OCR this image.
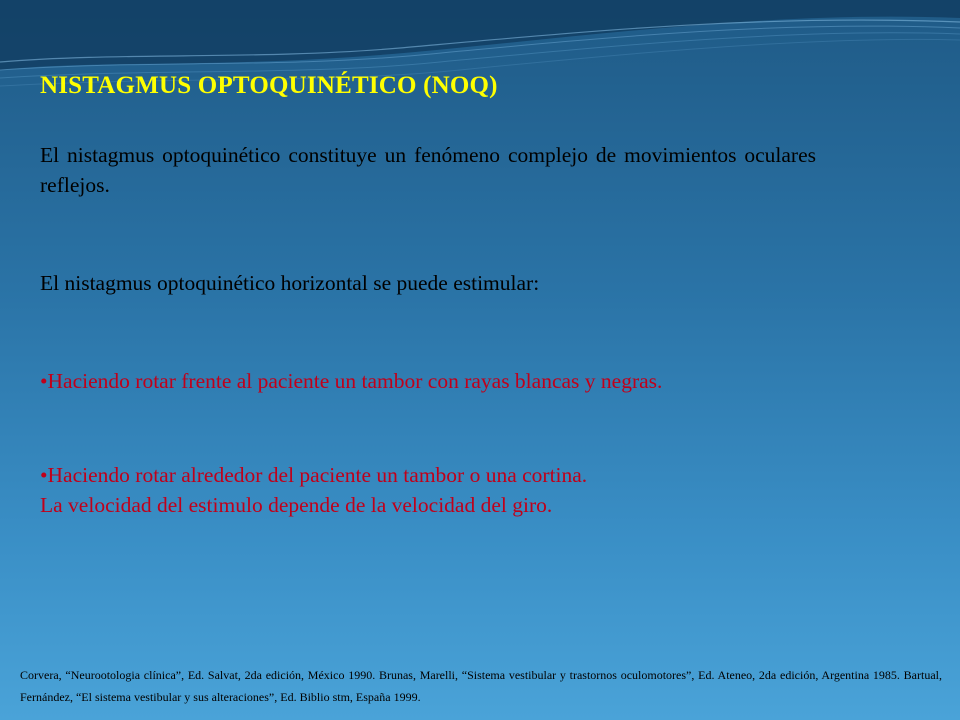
NISTAGMUS OPTOQUINÉTICO (NOQ)
El nistagmus optoquinético constituye un fenómeno complejo de movimientos oculares reflejos.
El nistagmus optoquinético horizontal se puede estimular:
•Haciendo rotar frente al paciente un tambor con rayas blancas y negras.
•Haciendo rotar alrededor del paciente un tambor o una cortina.
La velocidad del estimulo depende de la velocidad del giro.
Corvera, “Neurootologia clínica”, Ed. Salvat, 2da edición, México 1990. Brunas, Marelli, “Sistema vestibular y trastornos oculomotores”, Ed. Ateneo, 2da edición, Argentina 1985. Bartual, Fernández, “El sistema vestibular y sus alteraciones”, Ed. Biblio stm, España 1999.
